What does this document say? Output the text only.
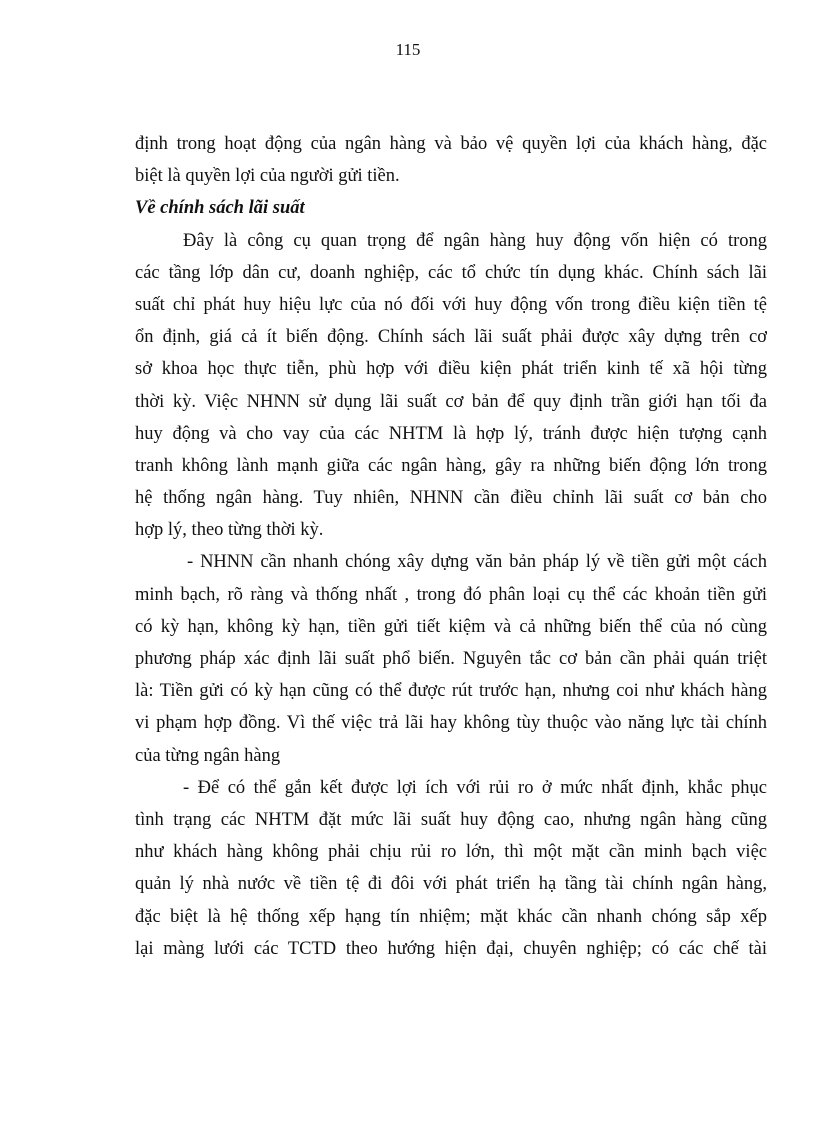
115
định trong hoạt động của ngân hàng và bảo vệ quyền lợi của khách hàng, đặc
biệt là quyền lợi của người gửi tiền.
Về chính sách lãi suất
Đây là công cụ quan trọng để ngân hàng huy động vốn hiện có trong
các tầng lớp dân cư, doanh nghiệp, các tổ chức tín dụng khác. Chính sách lãi
suất chỉ phát huy hiệu lực của nó đối với huy động vốn trong điều kiện tiền tệ
ổn định, giá cả ít biến động. Chính sách lãi suất phải được xây dựng trên cơ
sở khoa học thực tiễn, phù hợp với điều kiện phát triển kinh tế xã hội từng
thời kỳ. Việc NHNN sử dụng lãi suất cơ bản để quy định trần giới hạn tối đa
huy động và cho vay của các NHTM là hợp lý, tránh được hiện tượng cạnh
tranh không lành mạnh giữa các ngân hàng, gây ra những biến động lớn trong
hệ thống ngân hàng. Tuy nhiên, NHNN cần điều chỉnh lãi suất cơ bản cho
hợp lý, theo từng thời kỳ.
- NHNN cần nhanh chóng xây dựng văn bản pháp lý về tiền gửi một cách
minh bạch, rõ ràng và thống nhất , trong đó phân loại cụ thể các khoản tiền gửi
có kỳ hạn, không kỳ hạn, tiền gửi tiết kiệm và cả những biến thể của nó cùng
phương pháp xác định lãi suất phổ biến. Nguyên tắc cơ bản cần phải quán triệt
là: Tiền gửi có kỳ hạn cũng có thể được rút trước hạn, nhưng coi như khách hàng
vi phạm hợp đồng. Vì thế việc trả lãi hay không tùy thuộc vào năng lực tài chính
của từng ngân hàng
- Để có thể gắn kết được lợi ích với rủi ro ở mức nhất định, khắc phục
tình trạng các NHTM đặt mức lãi suất huy động cao, nhưng ngân hàng cũng
như khách hàng không phải chịu rủi ro lớn, thì một mặt cần minh bạch việc
quản lý nhà nước về tiền tệ đi đôi với phát triển hạ tầng tài chính ngân hàng,
đặc biệt là hệ thống xếp hạng tín nhiệm; mặt khác cần nhanh chóng sắp xếp
lại màng lưới các TCTD theo hướng hiện đại, chuyên nghiệp; có các chế tài
